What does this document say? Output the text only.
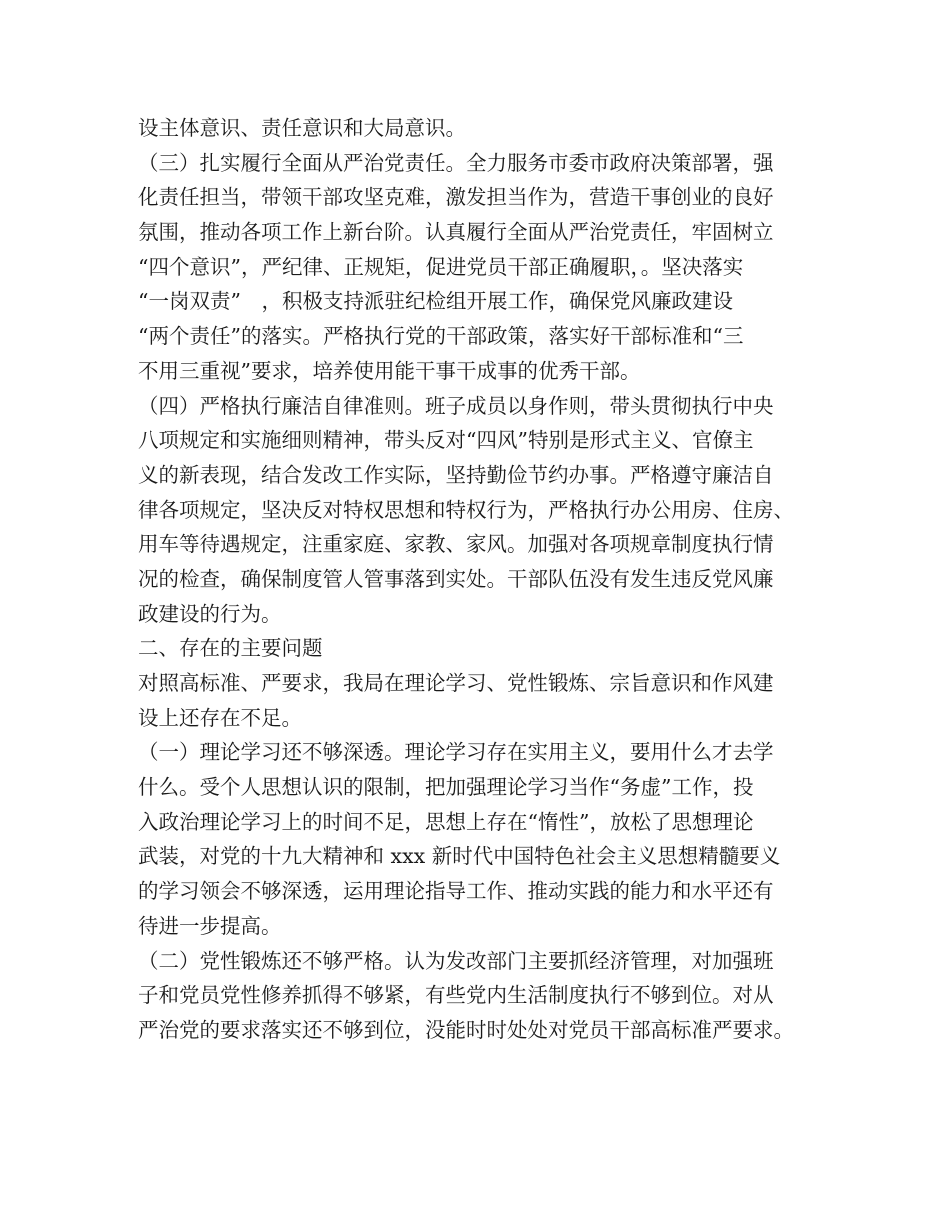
设主体意识、责任意识和大局意识。
（三）扎实履行全面从严治党责任。全力服务市委市政府决策部署，强
化责任担当，带领干部攻坚克难，激发担当作为，营造干事创业的良好
氛围，推动各项工作上新台阶。认真履行全面从严治党责任，牢固树立
“四个意识”，严纪律、正规矩，促进党员干部正确履职，。坚决落实
“一岗双责”　，积极支持派驻纪检组开展工作，确保党风廉政建设
“两个责任”的落实。严格执行党的干部政策，落实好干部标准和“三
不用三重视”要求，培养使用能干事干成事的优秀干部。
（四）严格执行廉洁自律准则。班子成员以身作则，带头贯彻执行中央
八项规定和实施细则精神，带头反对“四风”特别是形式主义、官僚主
义的新表现，结合发改工作实际，坚持勤俭节约办事。严格遵守廉洁自
律各项规定，坚决反对特权思想和特权行为，严格执行办公用房、住房、
用车等待遇规定，注重家庭、家教、家风。加强对各项规章制度执行情
况的检查，确保制度管人管事落到实处。干部队伍没有发生违反党风廉
政建设的行为。
二、存在的主要问题
对照高标准、严要求，我局在理论学习、党性锻炼、宗旨意识和作风建
设上还存在不足。
（一）理论学习还不够深透。理论学习存在实用主义，要用什么才去学
什么。受个人思想认识的限制，把加强理论学习当作“务虚”工作，投
入政治理论学习上的时间不足，思想上存在“惰性”，放松了思想理论
武装，对党的十九大精神和 xxx 新时代中国特色社会主义思想精髓要义
的学习领会不够深透，运用理论指导工作、推动实践的能力和水平还有
待进一步提高。
（二）党性锻炼还不够严格。认为发改部门主要抓经济管理，对加强班
子和党员党性修养抓得不够紧，有些党内生活制度执行不够到位。对从
严治党的要求落实还不够到位，没能时时处处对党员干部高标准严要求。
